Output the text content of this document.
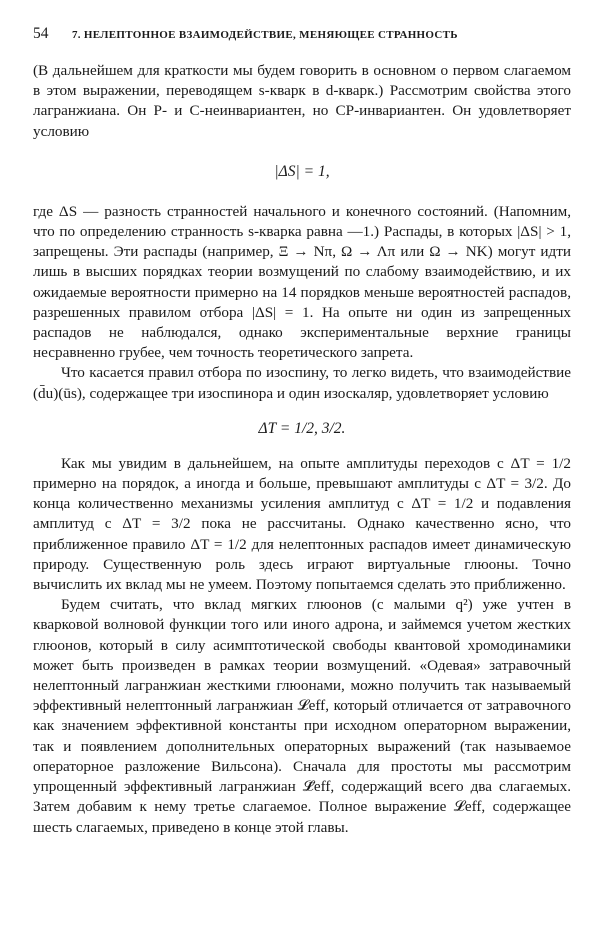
54 7. НЕЛЕПТОННОЕ ВЗАИМОДЕЙСТВИЕ, МЕНЯЮЩЕЕ СТРАННОСТЬ

(В дальнейшем для краткости мы будем говорить в основном о первом слагаемом в этом выражении, переводящем s-кварк в d-кварк.) Рассмотрим свойства этого лагранжиана. Он P- и C-неинвариантен, но CP-инвариантен. Он удовлетворяет условию

|ΔS| = 1,

где ΔS — разность странностей начального и конечного состояний. (Напомним, что по определению странность s-кварка равна —1.) Распады, в которых |ΔS| > 1, запрещены. Эти распады (например, Ξ → Nπ, Ω → Λπ или Ω → NK) могут идти лишь в высших порядках теории возмущений по слабому взаимодействию, и их ожидаемые вероятности примерно на 14 порядков меньше вероятностей распадов, разрешенных правилом отбора |ΔS| = 1. На опыте ни один из запрещенных распадов не наблюдался, однако экспериментальные верхние границы несравненно грубее, чем точность теоретического запрета.

Что касается правил отбора по изоспину, то легко видеть, что взаимодействие (d̄u)(ūs), содержащее три изоспинора и один изоскаляр, удовлетворяет условию

ΔT = 1/2, 3/2.

Как мы увидим в дальнейшем, на опыте амплитуды переходов с ΔT = 1/2 примерно на порядок, а иногда и больше, превышают амплитуды с ΔT = 3/2. До конца количественно механизмы усиления амплитуд с ΔT = 1/2 и подавления амплитуд с ΔT = 3/2 пока не рассчитаны. Однако качественно ясно, что приближенное правило ΔT = 1/2 для нелептонных распадов имеет динамическую природу. Существенную роль здесь играют виртуальные глюоны. Точно вычислить их вклад мы не умеем. Поэтому попытаемся сделать это приближенно.

Будем считать, что вклад мягких глюонов (с малыми q²) уже учтен в кварковой волновой функции того или иного адрона, и займемся учетом жестких глюонов, который в силу асимптотической свободы квантовой хромодинамики может быть произведен в рамках теории возмущений. «Одевая» затравочный нелептонный лагранжиан жесткими глюонами, можно получить так называемый эффективный нелептонный лагранжиан 𝓛eff, который отличается от затравочного как значением эффективной константы при исходном операторном выражении, так и появлением дополнительных операторных выражений (так называемое операторное разложение Вильсона). Сначала для простоты мы рассмотрим упрощенный эффективный лагранжиан 𝓛̃eff, содержащий всего два слагаемых. Затем добавим к нему третье слагаемое. Полное выражение 𝓛eff, содержащее шесть слагаемых, приведено в конце этой главы.
